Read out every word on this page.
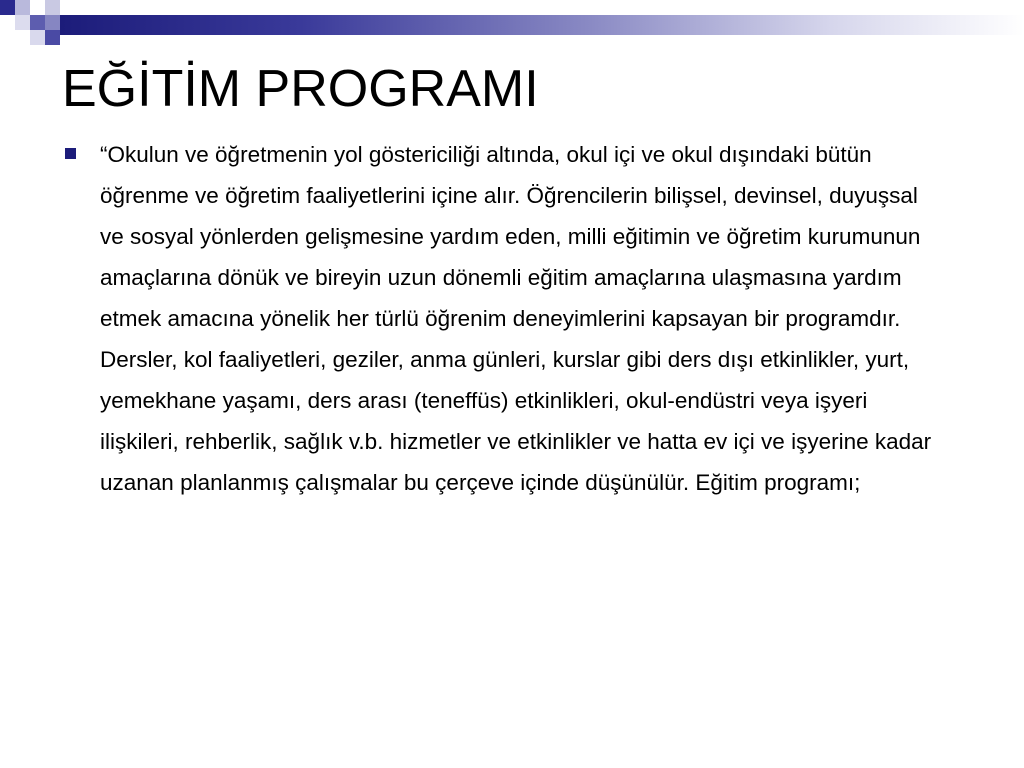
EĞİTİM PROGRAMI

“Okulun ve öğretmenin yol göstericiliği altında, okul içi ve okul dışındaki bütün öğrenme ve öğretim faaliyetlerini içine alır. Öğrencilerin bilişsel, devinsel, duyuşsal ve sosyal yönlerden gelişmesine yardım eden, milli eğitimin ve öğretim kurumunun amaçlarına dönük ve bireyin uzun dönemli eğitim amaçlarına ulaşmasına yardım etmek amacına yönelik her türlü öğrenim deneyimlerini kapsayan bir programdır. Dersler, kol faaliyetleri, geziler, anma günleri, kurslar gibi ders dışı etkinlikler, yurt, yemekhane yaşamı, ders arası (teneffüs) etkinlikleri, okul-endüstri veya işyeri ilişkileri, rehberlik, sağlık v.b. hizmetler ve etkinlikler ve hatta ev içi ve işyerine kadar uzanan planlanmış çalışmalar bu çerçeve içinde düşünülür. Eğitim programı;
